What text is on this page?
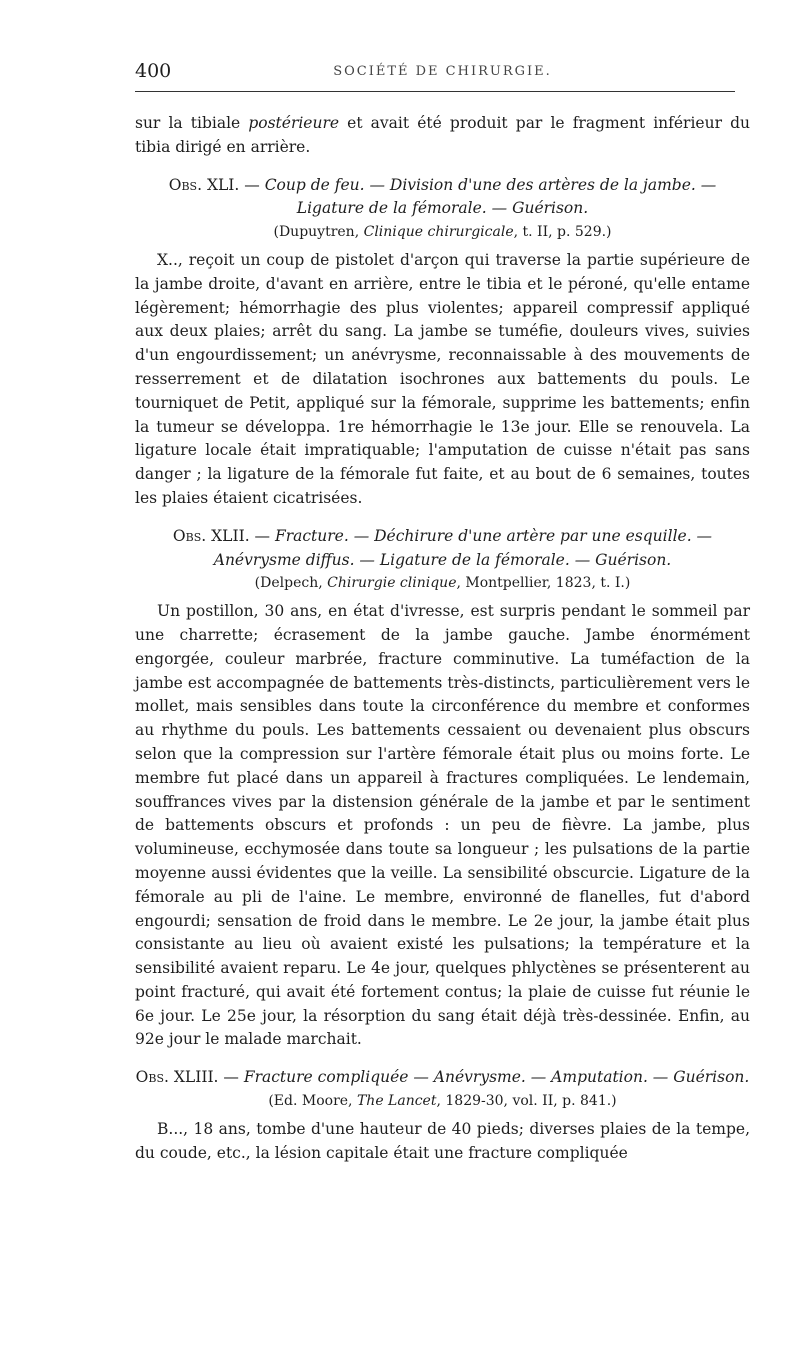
400	SOCIÉTÉ DE CHIRURGIE.

sur la tibiale postérieure et avait été produit par le fragment inférieur du tibia dirigé en arrière.

Obs. XLI. — Coup de feu. — Division d'une des artères de la jambe. — Ligature de la fémorale. — Guérison.

(Dupuytren, Clinique chirurgicale, t. II, p. 529.)

X.., reçoit un coup de pistolet d'arçon qui traverse la partie supérieure de la jambe droite, d'avant en arrière, entre le tibia et le péroné, qu'elle entame légèrement; hémorrhagie des plus violentes; appareil compressif appliqué aux deux plaies; arrêt du sang. La jambe se tuméfie, douleurs vives, suivies d'un engourdissement; un anévrysme, reconnaissable à des mouvements de resserrement et de dilatation isochrones aux battements du pouls. Le tourniquet de Petit, appliqué sur la fémorale, supprime les battements; enfin la tumeur se développa. 1re hémorrhagie le 13e jour. Elle se renouvela. La ligature locale était impratiquable; l'amputation de cuisse n'était pas sans danger ; la ligature de la fémorale fut faite, et au bout de 6 semaines, toutes les plaies étaient cicatrisées.

Obs. XLII. — Fracture. — Déchirure d'une artère par une esquille. — Anévrysme diffus. — Ligature de la fémorale. — Guérison.

(Delpech, Chirurgie clinique, Montpellier, 1823, t. I.)

Un postillon, 30 ans, en état d'ivresse, est surpris pendant le sommeil par une charrette; écrasement de la jambe gauche. Jambe énormément engorgée, couleur marbrée, fracture comminutive. La tuméfaction de la jambe est accompagnée de battements très-distincts, particulièrement vers le mollet, mais sensibles dans toute la circonférence du membre et conformes au rhythme du pouls. Les battements cessaient ou devenaient plus obscurs selon que la compression sur l'artère fémorale était plus ou moins forte. Le membre fut placé dans un appareil à fractures compliquées. Le lendemain, souffrances vives par la distension générale de la jambe et par le sentiment de battements obscurs et profonds : un peu de fièvre. La jambe, plus volumineuse, ecchymosée dans toute sa longueur ; les pulsations de la partie moyenne aussi évidentes que la veille. La sensibilité obscurcie. Ligature de la fémorale au pli de l'aine. Le membre, environné de flanelles, fut d'abord engourdi; sensation de froid dans le membre. Le 2e jour, la jambe était plus consistante au lieu où avaient existé les pulsations; la température et la sensibilité avaient reparu. Le 4e jour, quelques phlyctènes se présenterent au point fracturé, qui avait été fortement contus; la plaie de cuisse fut réunie le 6e jour. Le 25e jour, la résorption du sang était déjà très-dessinée. Enfin, au 92e jour le malade marchait.

Obs. XLIII. — Fracture compliquée — Anévrysme. — Amputation. — Guérison.

(Ed. Moore, The Lancet, 1829-30, vol. II, p. 841.)

B..., 18 ans, tombe d'une hauteur de 40 pieds; diverses plaies de la tempe, du coude, etc., la lésion capitale était une fracture compliquée
